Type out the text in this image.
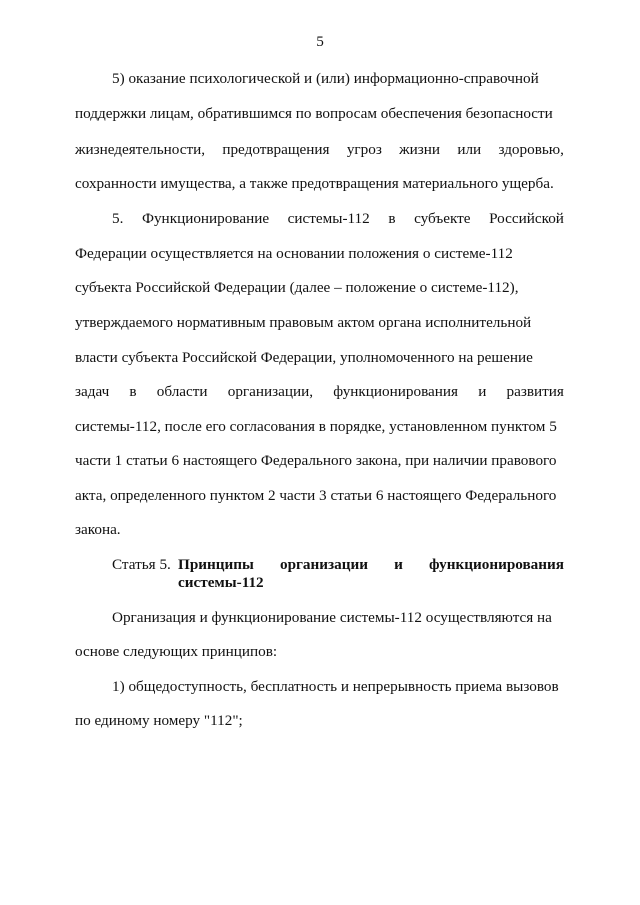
5
5) оказание психологической и (или) информационно-справочной
поддержки лицам, обратившимся по вопросам обеспечения безопасности
жизнедеятельности, предотвращения угроз жизни или здоровью,
сохранности имущества, а также предотвращения материального ущерба.
5. Функционирование системы-112 в субъекте Российской
Федерации осуществляется на основании положения о системе-112
субъекта Российской Федерации (далее – положение о системе-112),
утверждаемого нормативным правовым актом органа исполнительной
власти субъекта Российской Федерации, уполномоченного на решение
задач в области организации, функционирования и развития
системы-112, после его согласования в порядке, установленном пунктом 5
части 1 статьи 6 настоящего Федерального закона, при наличии правового
акта, определенного пунктом 2 части 3 статьи 6 настоящего Федерального
закона.
Статья 5. Принципы организации и функционирования
системы-112
Организация и функционирование системы-112 осуществляются на
основе следующих принципов:
1) общедоступность, бесплатность и непрерывность приема вызовов
по единому номеру "112";
